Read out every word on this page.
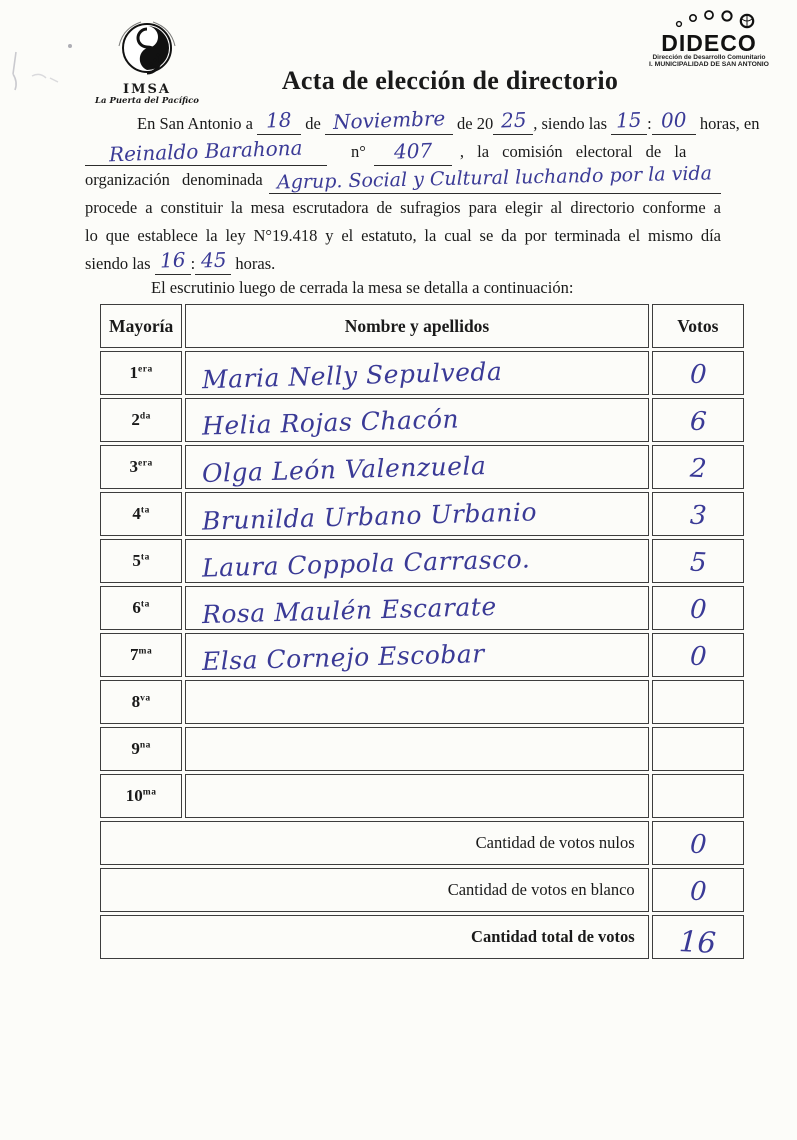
IMSA
La Puerta del Pacífico
DIDECO
Dirección de Desarrollo Comunitario
I. MUNICIPALIDAD DE SAN ANTONIO
Acta de elección de directorio
En San Antonio a 18 de Noviembre de 20 25 , siendo las 15 : 00 horas, en
Reinaldo Barahona	n°	407	, la comisión electoral de la
organización denominada Agrup. Social y Cultural luchando por la vida
procede a constituir la mesa escrutadora de sufragios para elegir al directorio conforme a
lo que establece la ley N°19.418 y el estatuto, la cual se da por terminada el mismo día
siendo las 16 : 45 horas.
El escrutinio luego de cerrada la mesa se detalla a continuación:
Mayoría	Nombre y apellidos	Votos
$1^{era}$	Maria Nelly Sepulveda	0
$2^{da}$	Helia Rojas Chacón	6
$3^{era}$	Olga León Valenzuela	2
$4^{ta}$	Brunilda Urbano Urbanio	3
$5^{ta}$	Laura Coppola Carrasco.	5
$6^{ta}$	Rosa Maulén Escarate	0
$7^{ma}$	Elsa Cornejo Escobar	0
$8^{va}$		
$9^{na}$		
$10^{ma}$		
Cantidad de votos nulos		0
Cantidad de votos en blanco		0
Cantidad total de votos		16
